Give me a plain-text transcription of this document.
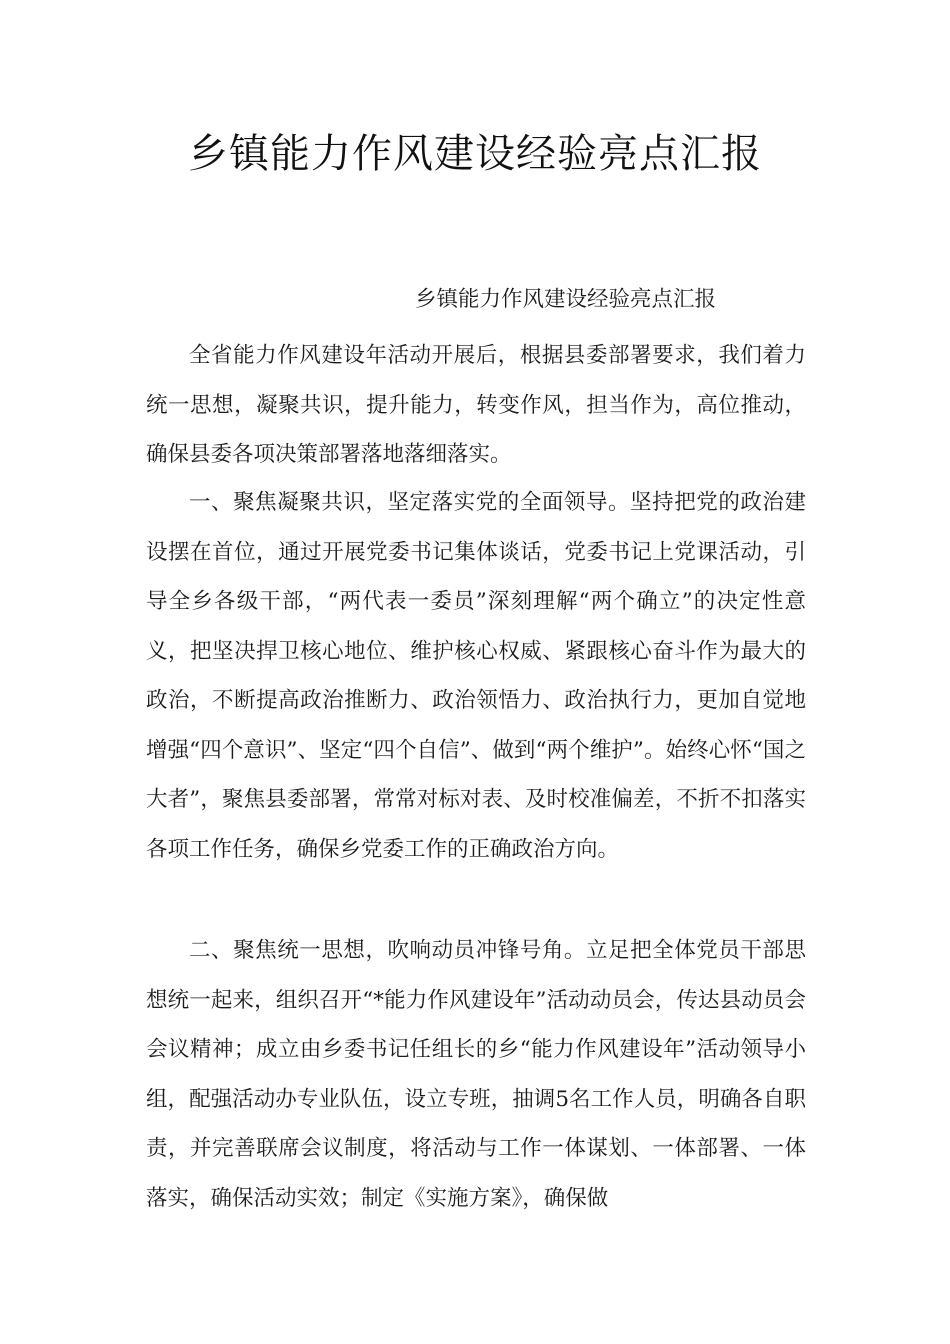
乡镇能力作风建设经验亮点汇报

乡镇能力作风建设经验亮点汇报

全省能力作风建设年活动开展后，根据县委部署要求，我们着力统一思想，凝聚共识，提升能力，转变作风，担当作为，高位推动，确保县委各项决策部署落地落细落实。

一、聚焦凝聚共识，坚定落实党的全面领导。坚持把党的政治建设摆在首位，通过开展党委书记集体谈话，党委书记上党课活动，引导全乡各级干部，“两代表一委员”深刻理解“两个确立”的决定性意义，把坚决捍卫核心地位、维护核心权威、紧跟核心奋斗作为最大的政治，不断提高政治推断力、政治领悟力、政治执行力，更加自觉地增强“四个意识”、坚定“四个自信”、做到“两个维护”。始终心怀“国之大者”，聚焦县委部署，常常对标对表、及时校准偏差，不折不扣落实各项工作任务，确保乡党委工作的正确政治方向。

二、聚焦统一思想，吹响动员冲锋号角。立足把全体党员干部思想统一起来，组织召开“*能力作风建设年”活动动员会，传达县动员会会议精神；成立由乡委书记任组长的乡“能力作风建设年”活动领导小组，配强活动办专业队伍，设立专班，抽调5名工作人员，明确各自职责，并完善联席会议制度，将活动与工作一体谋划、一体部署、一体落实，确保活动实效；制定《实施方案》，确保做
